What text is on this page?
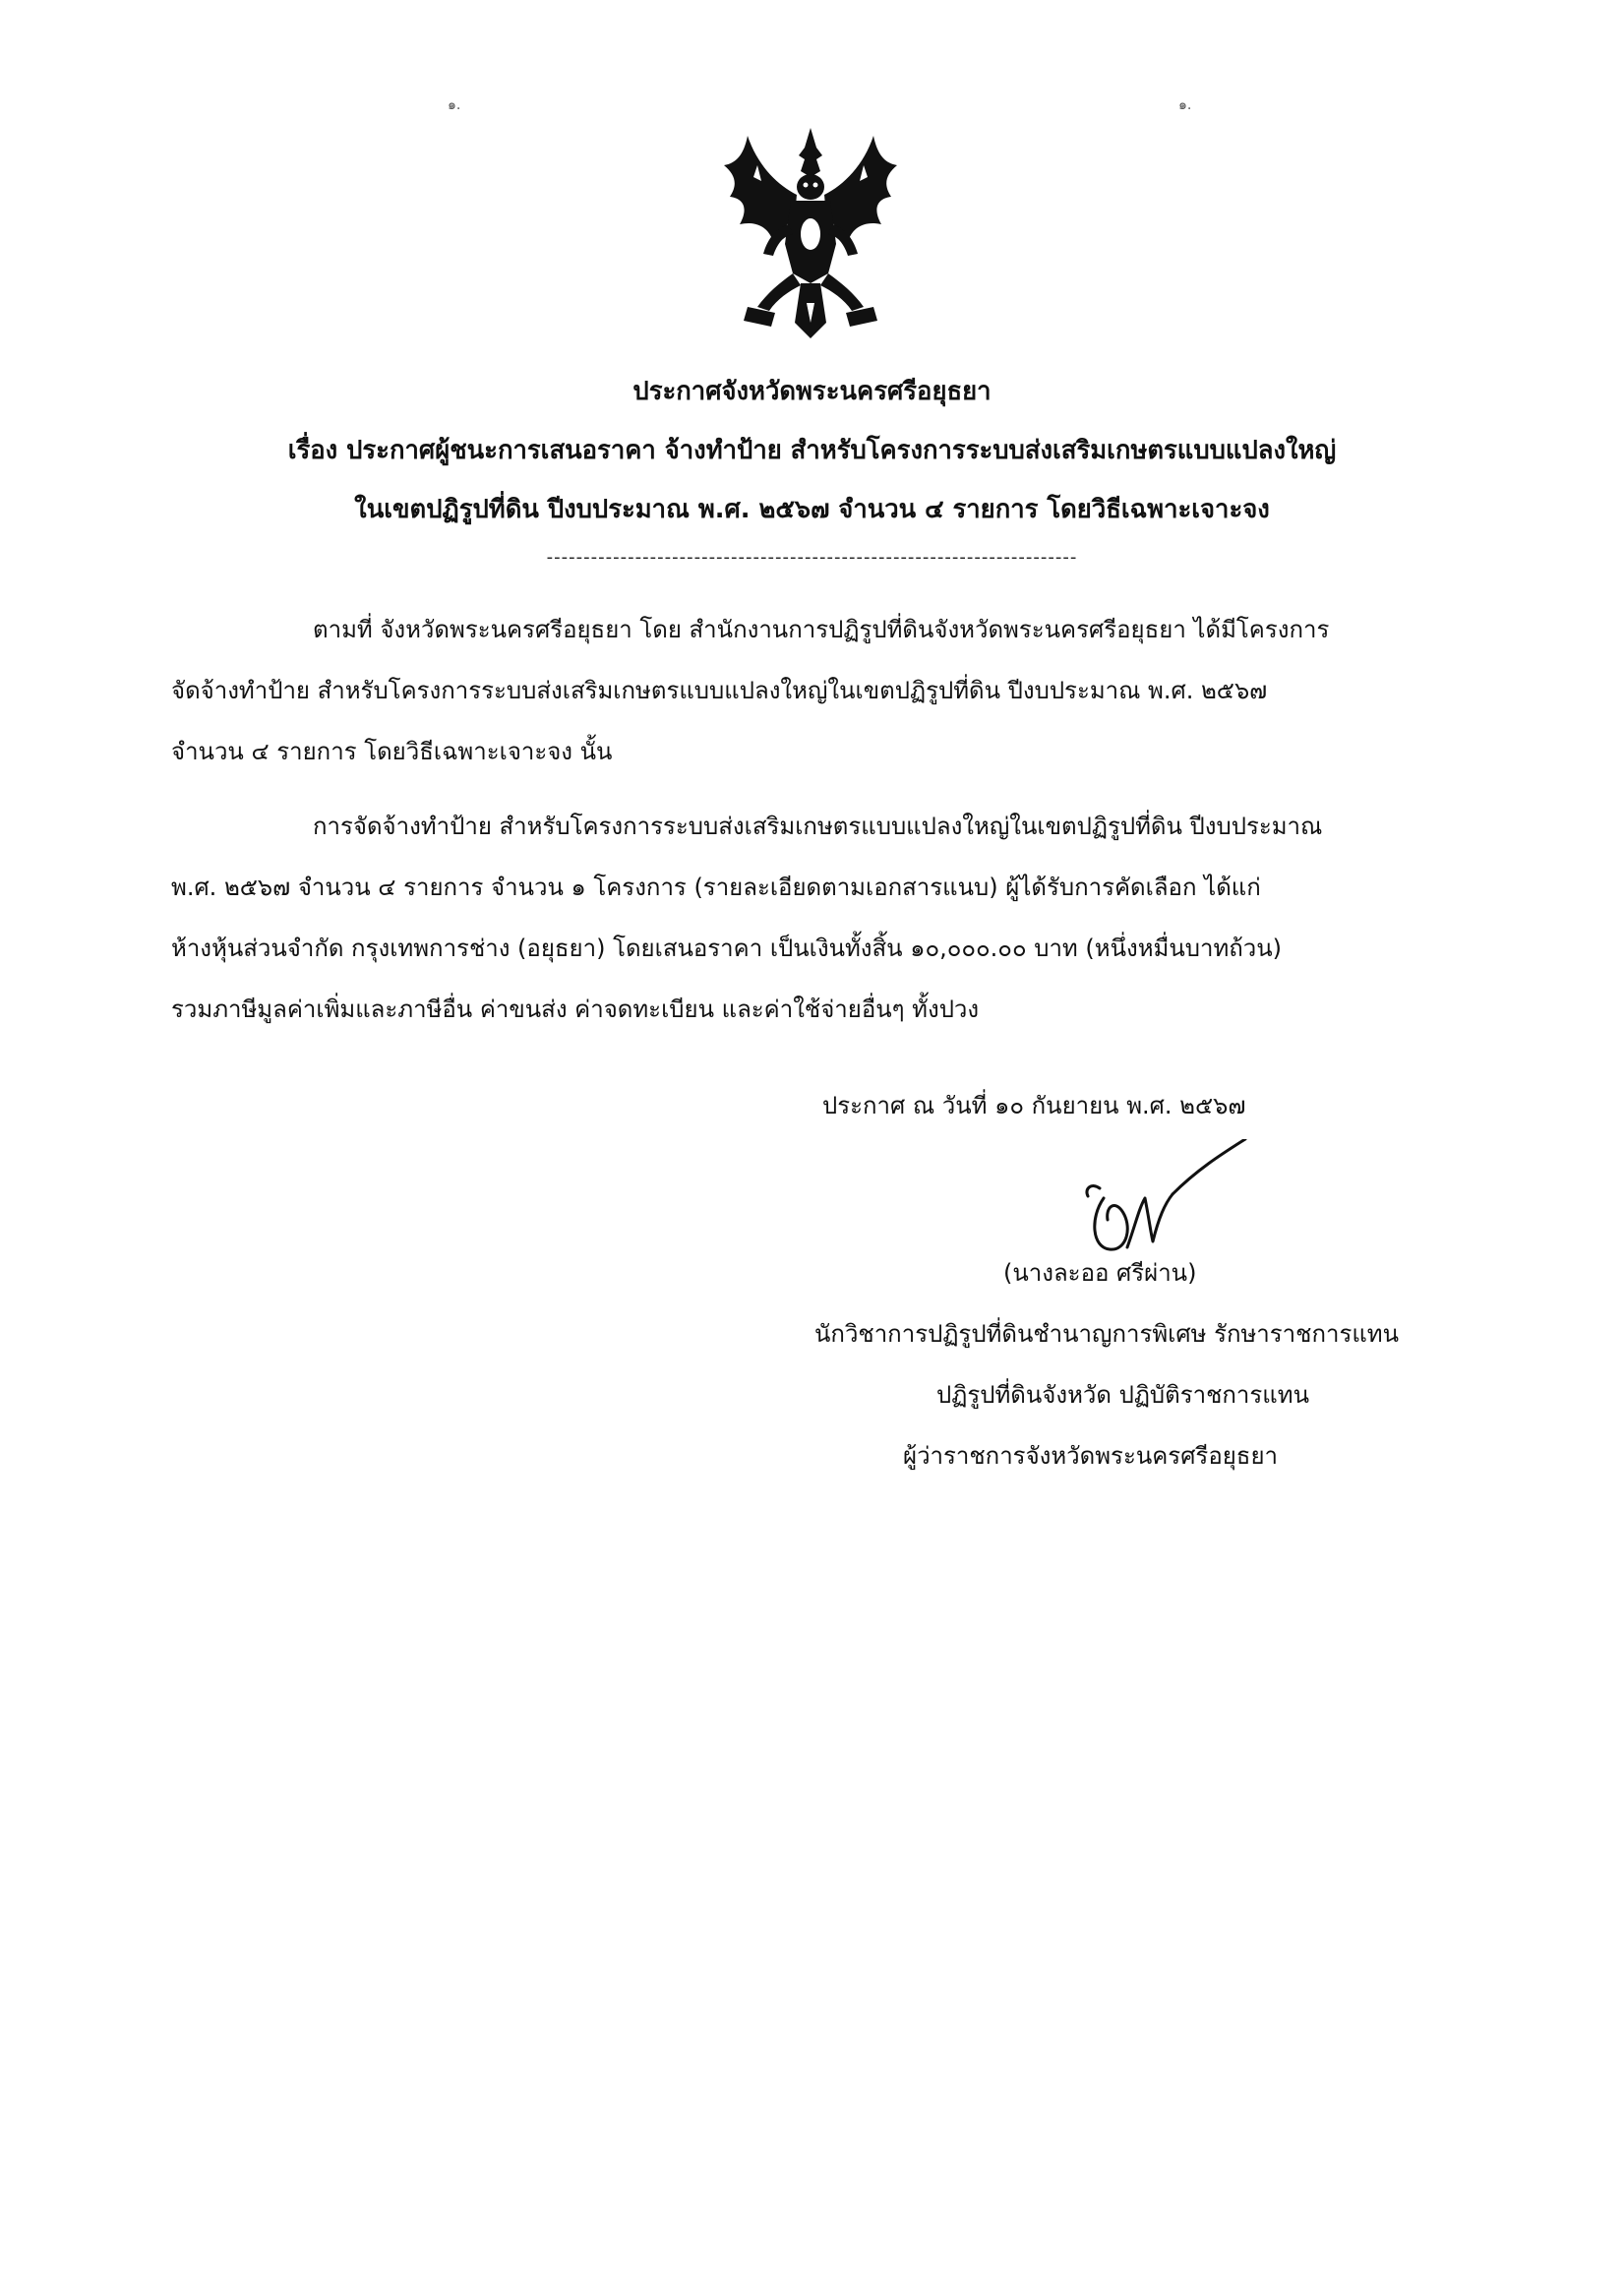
๑.	๑.
ประกาศจังหวัดพระนครศรีอยุธยา
เรื่อง ประกาศผู้ชนะการเสนอราคา จ้างทำป้าย สำหรับโครงการระบบส่งเสริมเกษตรแบบแปลงใหญ่
ในเขตปฏิรูปที่ดิน ปีงบประมาณ พ.ศ. ๒๕๖๗ จำนวน ๔ รายการ โดยวิธีเฉพาะเจาะจง
------------------------------------------------------------------------
ตามที่ จังหวัดพระนครศรีอยุธยา โดย สำนักงานการปฏิรูปที่ดินจังหวัดพระนครศรีอยุธยา ได้มีโครงการ
จัดจ้างทำป้าย สำหรับโครงการระบบส่งเสริมเกษตรแบบแปลงใหญ่ในเขตปฏิรูปที่ดิน ปีงบประมาณ พ.ศ. ๒๕๖๗
จำนวน ๔ รายการ โดยวิธีเฉพาะเจาะจง นั้น
การจัดจ้างทำป้าย สำหรับโครงการระบบส่งเสริมเกษตรแบบแปลงใหญ่ในเขตปฏิรูปที่ดิน ปีงบประมาณ
พ.ศ. ๒๕๖๗ จำนวน ๔ รายการ จำนวน ๑ โครงการ (รายละเอียดตามเอกสารแนบ) ผู้ได้รับการคัดเลือก ได้แก่
ห้างหุ้นส่วนจำกัด กรุงเทพการช่าง (อยุธยา) โดยเสนอราคา เป็นเงินทั้งสิ้น ๑๐,๐๐๐.๐๐ บาท (หนึ่งหมื่นบาทถ้วน)
รวมภาษีมูลค่าเพิ่มและภาษีอื่น ค่าขนส่ง ค่าจดทะเบียน และค่าใช้จ่ายอื่นๆ ทั้งปวง
ประกาศ ณ วันที่ ๑๐ กันยายน พ.ศ. ๒๕๖๗
(นางละออ ศรีผ่าน)
นักวิชาการปฏิรูปที่ดินชำนาญการพิเศษ รักษาราชการแทน
ปฏิรูปที่ดินจังหวัด ปฏิบัติราชการแทน
ผู้ว่าราชการจังหวัดพระนครศรีอยุธยา
